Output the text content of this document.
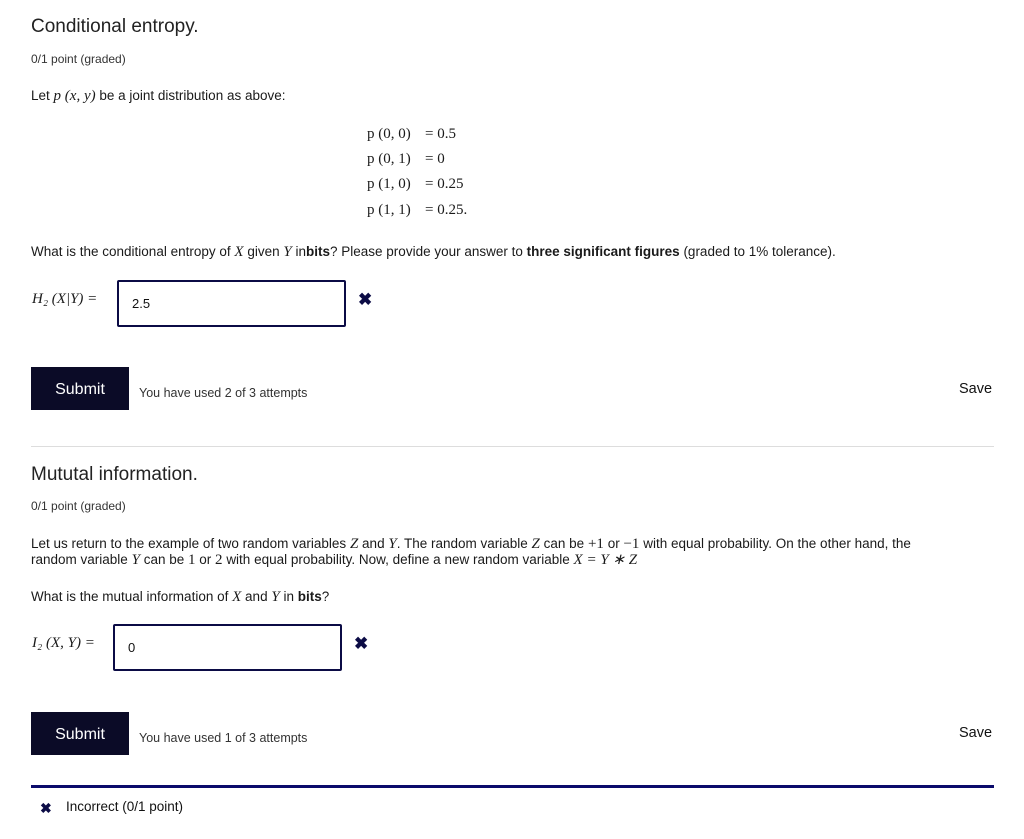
Conditional entropy.
0/1 point (graded)
Let p (x, y) be a joint distribution as above:
p (0, 0) = 0.5
p (0, 1) = 0
p (1, 0) = 0.25
p (1, 1) = 0.25.
What is the conditional entropy of X given Y inbits? Please provide your answer to three significant figures (graded to 1% tolerance).
H₂ (X|Y) =
2.5	✖
Submit	You have used 2 of 3 attempts	Save
Mututal information.
0/1 point (graded)
Let us return to the example of two random variables Z and Y. The random variable Z can be +1 or −1 with equal probability. On the other hand, the
random variable Y can be 1 or 2 with equal probability. Now, define a new random variable X = Y ∗ Z
What is the mutual information of X and Y in bits?
I₂ (X, Y) =
0	✖
Submit	You have used 1 of 3 attempts	Save
✖ Incorrect (0/1 point)
